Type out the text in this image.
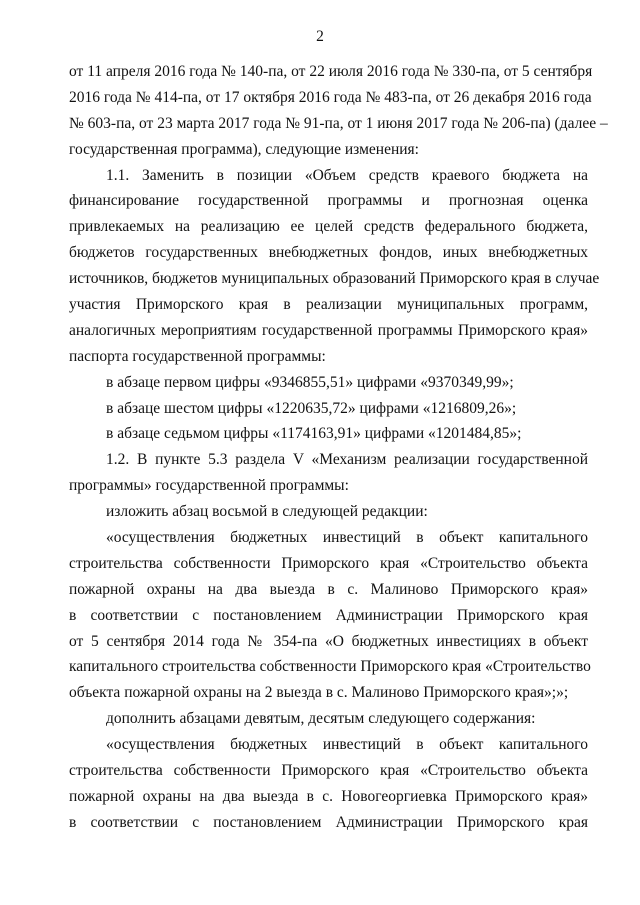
2
от 11 апреля 2016 года № 140-па, от 22 июля 2016 года № 330-па, от 5 сентября
2016 года № 414-па, от 17 октября 2016 года № 483-па, от 26 декабря 2016 года
№ 603-па, от 23 марта 2017 года № 91-па, от 1 июня 2017 года № 206-па) (далее –
государственная программа), следующие изменения:
1.1. Заменить в позиции «Объем средств краевого бюджета на
финансирование государственной программы и прогнозная оценка
привлекаемых на реализацию ее целей средств федерального бюджета,
бюджетов государственных внебюджетных фондов, иных внебюджетных
источников, бюджетов муниципальных образований Приморского края в случае
участия Приморского края в реализации муниципальных программ,
аналогичных мероприятиям государственной программы Приморского края»
паспорта государственной программы:
в абзаце первом цифры «9346855,51» цифрами «9370349,99»;
в абзаце шестом цифры «1220635,72» цифрами «1216809,26»;
в абзаце седьмом цифры «1174163,91» цифрами «1201484,85»;
1.2. В пункте 5.3 раздела V «Механизм реализации государственной
программы» государственной программы:
изложить абзац восьмой в следующей редакции:
«осуществления бюджетных инвестиций в объект капитального
строительства собственности Приморского края «Строительство объекта
пожарной охраны на два выезда в с. Малиново Приморского края»
в соответствии с постановлением Администрации Приморского края
от 5 сентября 2014 года № 354-па «О бюджетных инвестициях в объект
капитального строительства собственности Приморского края «Строительство
объекта пожарной охраны на 2 выезда в с. Малиново Приморского края»;»;
дополнить абзацами девятым, десятым следующего содержания:
«осуществления бюджетных инвестиций в объект капитального
строительства собственности Приморского края «Строительство объекта
пожарной охраны на два выезда в с. Новогеоргиевка Приморского края»
в соответствии с постановлением Администрации Приморского края
